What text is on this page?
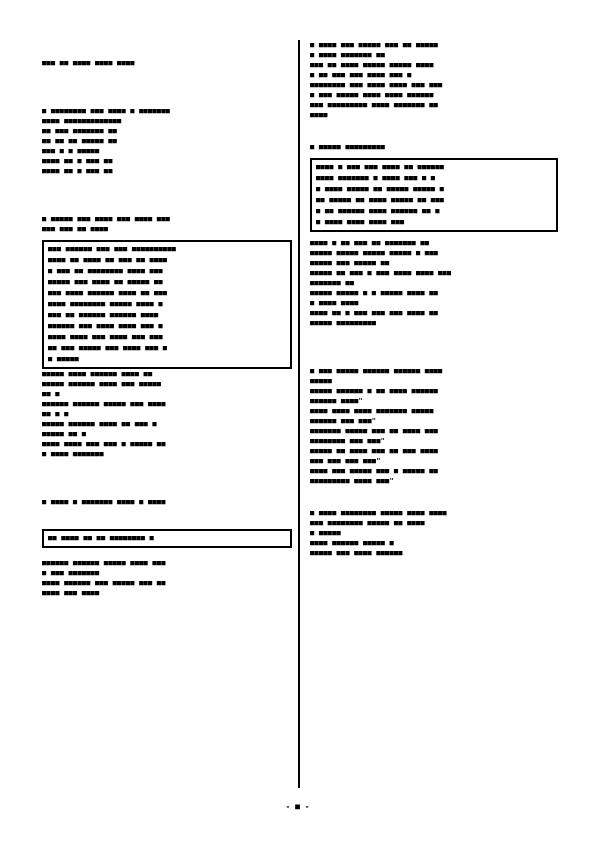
■■■ ■■ ■■■■ ■■■■ ■■■■
■ ■■■■■■■■ ■■■ ■■■■ ■ ■■■■■■■
■■■■ ■■■■■■■■■■■■■
■■ ■■■ ■■■■■■■ ■■
■■ ■■ ■■ ■■■■■ ■■
■■■ ■ ■ ■■■■■
■■■■ ■■ ■ ■■■ ■■
■■■■ ■■ ■ ■■■ ■■
■ ■■■■■ ■■■ ■■■■ ■■■ ■■■■ ■■■
■■■ ■■■ ■■ ■■■■
■■■ ■■■■■■ ■■■ ■■■ ■■■■■■■■■■
■■■■ ■■ ■■■■ ■■ ■■■ ■■ ■■■■
■ ■■■ ■■ ■■■■■■■■ ■■■■ ■■■
■■■■■ ■■■ ■■■■ ■■ ■■■■■ ■■
■■■ ■■■■ ■■■■■■ ■■■■ ■■ ■■■
■■■■ ■■■■■■■■ ■■■■■ ■■■■ ■
■■■ ■■ ■■■■■■ ■■■■■■ ■■■■
■■■■■■ ■■■ ■■■■ ■■■■ ■■■ ■
■■■■ ■■■■ ■■■ ■■■■ ■■■ ■■■
■■ ■■■ ■■■■■ ■■■ ■■■■ ■■■ ■
■ ■■■■■
■■■■■ ■■■■ ■■■■■■ ■■■■ ■■
■■■■■ ■■■■■■ ■■■■ ■■■ ■■■■■
■■ ■
■■■■■■ ■■■■■■ ■■■■■ ■■■ ■■■■
■■ ■ ■
■■■■■ ■■■■■■ ■■■■ ■■ ■■■ ■
■■■■■ ■■ ■
■■■■ ■■■■ ■■■ ■■■ ■ ■■■■■ ■■
■ ■■■■ ■■■■■■■
■ ■■■■ ■ ■■■■■■■ ■■■■ ■ ■■■■
■■ ■■■■ ■■ ■■ ■■■■■■■■ ■
■■■■■■ ■■■■■■ ■■■■■ ■■■■ ■■■
■ ■■■ ■■■■■■■
■■■■ ■■■■■■ ■■■ ■■■■■ ■■■ ■■
■■■■ ■■■ ■■■■
■ ■■■■ ■■■ ■■■■■ ■■■ ■■ ■■■■■
■ ■■■■ ■■■■■■■ ■■
■■■ ■■ ■■■■ ■■■■■ ■■■■■ ■■■■
■ ■■ ■■■ ■■■ ■■■■ ■■■ ■
■■■■■■■■ ■■■ ■■■■ ■■■■ ■■■ ■■■
■ ■■■ ■■■■■ ■■■■ ■■■■ ■■■■■■
■■■ ■■■■■■■■■ ■■■■ ■■■■■■■ ■■
■■■■
■ ■■■■■ ■■■■■■■■■
■■■■ ■ ■■■ ■■■ ■■■■ ■■ ■■■■■■
■■■■ ■■■■■■■ ■ ■■■■ ■■■ ■ ■
■ ■■■■ ■■■■■ ■■ ■■■■■ ■■■■■ ■
■■ ■■■■■ ■■ ■■■■ ■■■■■ ■■ ■■■
■ ■■ ■■■■■■ ■■■■ ■■■■■■ ■■ ■
■ ■■■■ ■■■■ ■■■■ ■■■
■■■■ ■ ■■ ■■■ ■■ ■■■■■■■ ■■
■■■■■ ■■■■■ ■■■■■ ■■■■■ ■ ■■■
■■■■■ ■■■ ■■■■■ ■■
■■■■■ ■■ ■■■ ■ ■■■ ■■■■ ■■■■ ■■■
■■■■■■■ ■■
■■■■■ ■■■■■ ■ ■ ■■■■■ ■■■■ ■■
■ ■■■■ ■■■■
■■■■ ■■ ■ ■■■ ■■■ ■■■ ■■■■ ■■
■■■■■ ■■■■■■■■■
■ ■■■ ■■■■■ ■■■■■■ ■■■■■■ ■■■■
■■■■■
■■■■■ ■■■■■■ ■ ■■ ■■■■ ■■■■■■
■■■■■■ ■■■■"
■■■■ ■■■■ ■■■■ ■■■■■■■ ■■■■■
■■■■■■ ■■■ ■■■"
■■■■■■■ ■■■■■ ■■■ ■■ ■■■■ ■■■
■■■■■■■■ ■■■ ■■■"
■■■■■ ■■ ■■■■ ■■■ ■■ ■■■ ■■■■
■■■ ■■■ ■■■ ■■■"
■■■■ ■■■ ■■■■■ ■■■ ■ ■■■■■ ■■
■■■■■■■■■ ■■■■ ■■■"
■ ■■■■ ■■■■■■■■ ■■■■■ ■■■■ ■■■■
■■■ ■■■■■■■■ ■■■■■ ■■ ■■■■
■ ■■■■■
■■■■ ■■■■■■ ■■■■■ ■
■■■■■ ■■■ ■■■■ ■■■■■■
- ■ -
